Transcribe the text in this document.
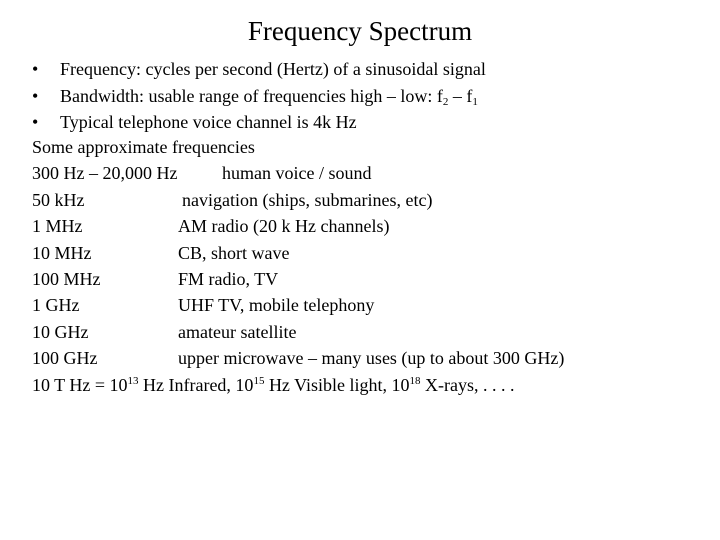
Frequency Spectrum
• Frequency: cycles per second (Hertz) of a sinusoidal signal
• Bandwidth: usable range of frequencies high – low: $f_2 - f_1$
• Typical telephone voice channel is 4k Hz
Some approximate frequencies
300 Hz – 20,000 Hz human voice / sound
50 kHz	navigation (ships, submarines, etc)
1 MHz	AM radio (20 k Hz channels)
10 MHz	CB, short wave
100 MHz	FM radio, TV
1 GHz	UHF TV, mobile telephony
10 GHz	amateur satellite
100 GHz	upper microwave – many uses (up to about 300 GHz)
10 T $Hz = 10^{13}$ Hz Infrared, $10^{15}$ Hz Visible light, $10^{18}$ X-rays, . . . .
